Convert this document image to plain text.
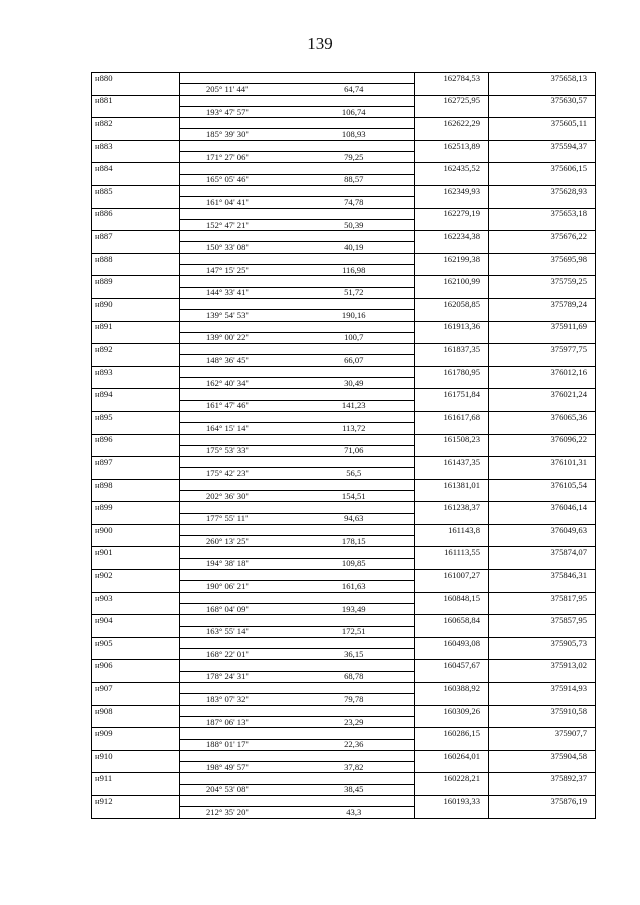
139
н880			162784,53	375658,13
	205° 11' 44"	64,74		
н881			162725,95	375630,57
	193° 47' 57"	106,74		
н882			162622,29	375605,11
	185° 39' 30"	108,93		
н883			162513,89	375594,37
	171° 27' 06"	79,25		
н884			162435,52	375606,15
	165° 05' 46"	88,57		
н885			162349,93	375628,93
	161° 04' 41"	74,78		
н886			162279,19	375653,18
	152° 47' 21"	50,39		
н887			162234,38	375676,22
	150° 33' 08"	40,19		
н888			162199,38	375695,98
	147° 15' 25"	116,98		
н889			162100,99	375759,25
	144° 33' 41"	51,72		
н890			162058,85	375789,24
	139° 54' 53"	190,16		
н891			161913,36	375911,69
	139° 00' 22"	100,7		
н892			161837,35	375977,75
	148° 36' 45"	66,07		
н893			161780,95	376012,16
	162° 40' 34"	30,49		
н894			161751,84	376021,24
	161° 47' 46"	141,23		
н895			161617,68	376065,36
	164° 15' 14"	113,72		
н896			161508,23	376096,22
	175° 53' 33"	71,06		
н897			161437,35	376101,31
	175° 42' 23"	56,5		
н898			161381,01	376105,54
	202° 36' 30"	154,51		
н899			161238,37	376046,14
	177° 55' 11"	94,63		
н900			161143,8	376049,63
	260° 13' 25"	178,15		
н901			161113,55	375874,07
	194° 38' 18"	109,85		
н902			161007,27	375846,31
	190° 06' 21"	161,63		
н903			160848,15	375817,95
	168° 04' 09"	193,49		
н904			160658,84	375857,95
	163° 55' 14"	172,51		
н905			160493,08	375905,73
	168° 22' 01"	36,15		
н906			160457,67	375913,02
	178° 24' 31"	68,78		
н907			160388,92	375914,93
	183° 07' 32"	79,78		
н908			160309,26	375910,58
	187° 06' 13"	23,29		
н909			160286,15	375907,7
	188° 01' 17"	22,36		
н910			160264,01	375904,58
	198° 49' 57"	37,82		
н911			160228,21	375892,37
	204° 53' 08"	38,45		
н912			160193,33	375876,19
	212° 35' 20"	43,3		
